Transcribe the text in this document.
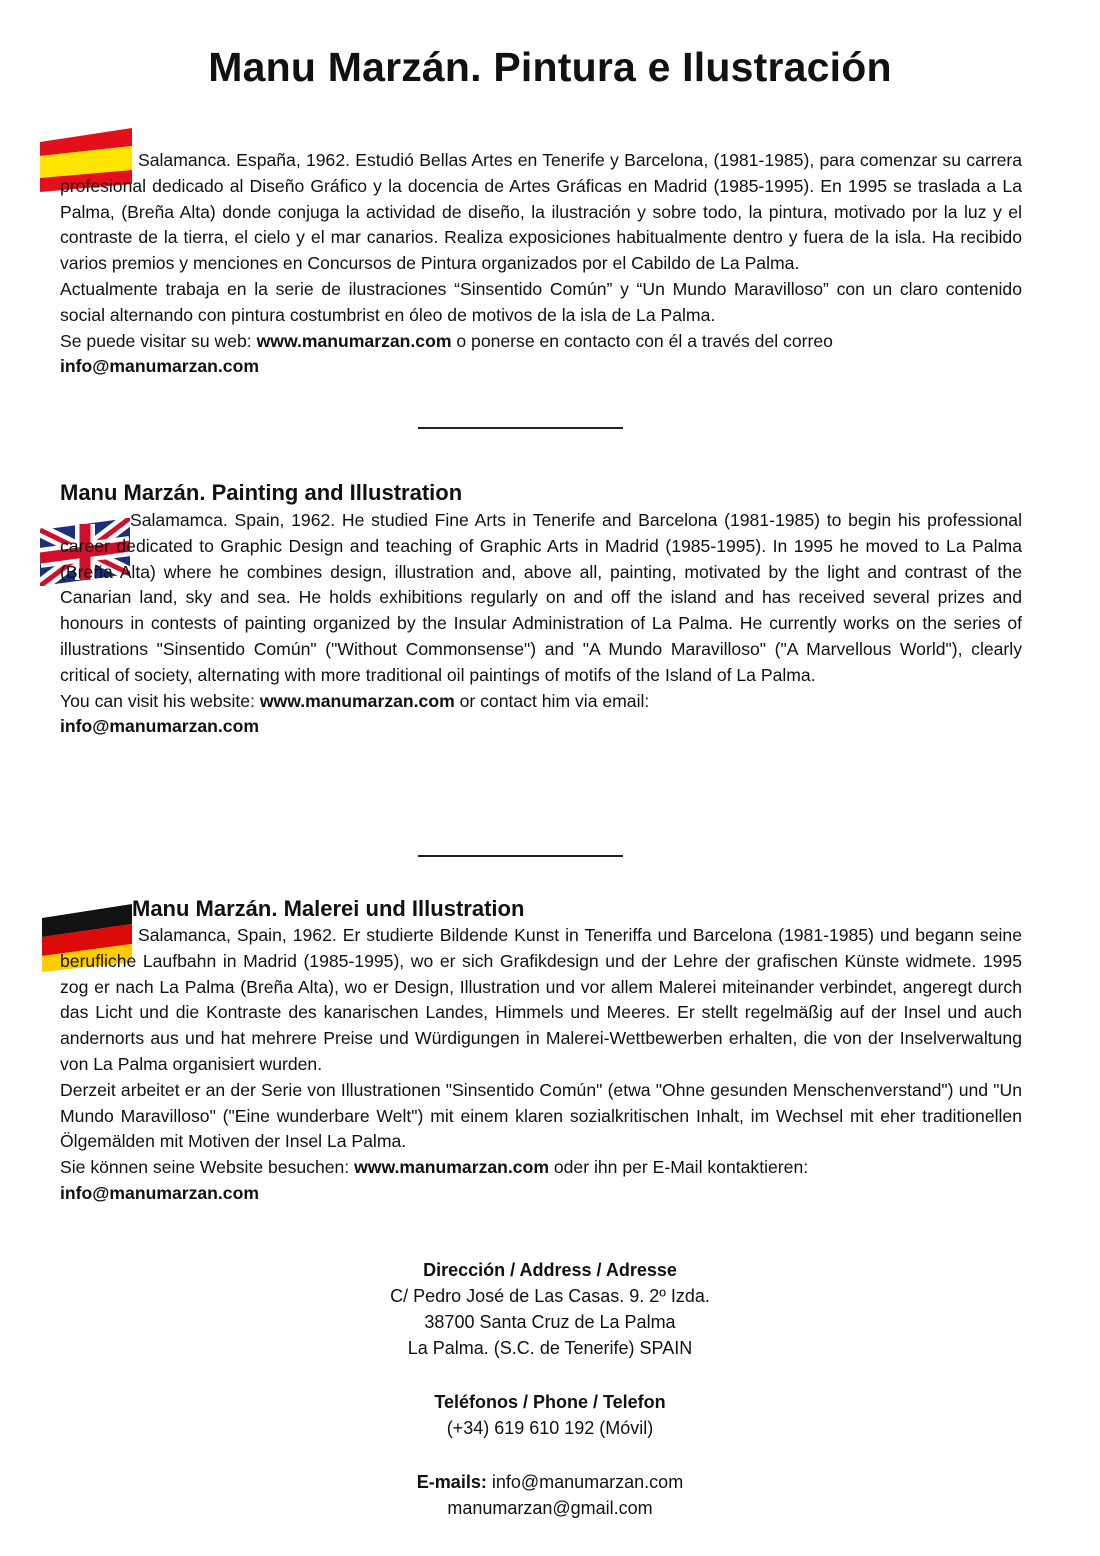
Manu Marzán. Pintura e Ilustración

Salamanca. España, 1962. Estudió Bellas Artes en Tenerife y Barcelona, (1981-1985), para comenzar su carrera profesional dedicado al Diseño Gráfico y la docencia de Artes Gráficas en Madrid (1985-1995). En 1995 se traslada a La Palma, (Breña Alta) donde conjuga la actividad de diseño, la ilustración y sobre todo, la pintura, motivado por la luz y el contraste de la tierra, el cielo y el mar canarios. Realiza exposiciones habitualmente dentro y fuera de la isla. Ha recibido varios premios y menciones en Concursos de Pintura organizados por el Cabildo de La Palma.

Actualmente trabaja en la serie de ilustraciones “Sinsentido Común” y “Un Mundo Maravilloso” con un claro contenido social alternando con pintura costumbrist en óleo de motivos de la isla de La Palma.

Se puede visitar su web: www.manumarzan.com o ponerse en contacto con él a través del correo
info@manumarzan.com

Manu Marzán. Painting and Illustration

Salamamca. Spain, 1962. He studied Fine Arts in Tenerife and Barcelona (1981-1985) to begin his professional career dedicated to Graphic Design and teaching of Graphic Arts in Madrid (1985-1995). In 1995 he moved to La Palma (Breña Alta) where he combines design, illustration and, above all, painting, motivated by the light and contrast of the Canarian land, sky and sea. He holds exhibitions regularly on and off the island and has received several prizes and honours in contests of painting organized by the Insular Administration of La Palma. He currently works on the series of illustrations "Sinsentido Común" ("Without Commonsense") and "A Mundo Maravilloso" ("A Marvellous World"), clearly critical of society, alternating with more traditional oil paintings of motifs of the Island of La Palma.

You can visit his website: www.manumarzan.com or contact him via email:
info@manumarzan.com

Manu Marzán. Malerei und Illustration

Salamanca, Spain, 1962. Er studierte Bildende Kunst in Teneriffa und Barcelona (1981-1985) und begann seine berufliche Laufbahn in Madrid (1985-1995), wo er sich Grafikdesign und der Lehre der grafischen Künste widmete. 1995 zog er nach La Palma (Breña Alta), wo er Design, Illustration und vor allem Malerei miteinander verbindet, angeregt durch das Licht und die Kontraste des kanarischen Landes, Himmels und Meeres. Er stellt regelmäßig auf der Insel und auch andernorts aus und hat mehrere Preise und Würdigungen in Malerei-Wettbewerben erhalten, die von der Inselverwaltung von La Palma organisiert wurden.

Derzeit arbeitet er an der Serie von Illustrationen "Sinsentido Común" (etwa "Ohne gesunden Menschenverstand") und "Un Mundo Maravilloso" ("Eine wunderbare Welt") mit einem klaren sozialkritischen Inhalt, im Wechsel mit eher traditionellen Ölgemälden mit Motiven der Insel La Palma.

Sie können seine Website besuchen: www.manumarzan.com oder ihn per E-Mail kontaktieren:
info@manumarzan.com

Dirección / Address / Adresse
C/ Pedro José de Las Casas. 9. 2º Izda.
38700 Santa Cruz de La Palma
La Palma. (S.C. de Tenerife) SPAIN
Teléfonos / Phone / Telefon
(+34) 619 610 192 (Móvil)
E-mails: info@manumarzan.com
manumarzan@gmail.com
